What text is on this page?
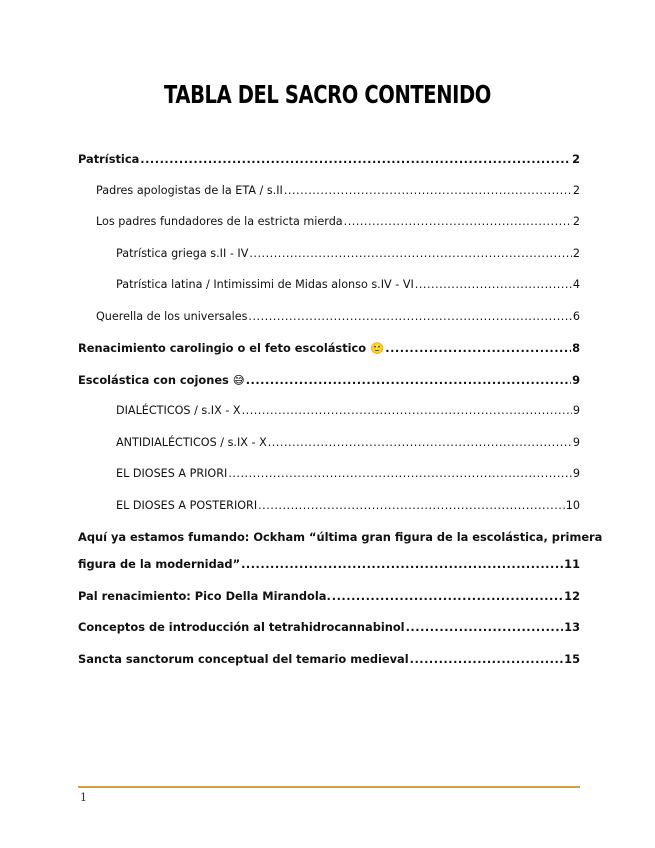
TABLA DEL SACRO CONTENIDO
Patrística .....	2
Padres apologistas de la ETA / s.II .....	2
Los padres fundadores de la estricta mierda .....	2
Patrística griega s.II - IV .....	2
Patrística latina / Intimissimi de Midas alonso s.IV - VI .....	4
Querella de los universales .....	6
Renacimiento carolingio o el feto escolástico 🙂 .....	8
Escolástica con cojones 😅 .....	9
DIALÉCTICOS / s.IX - X .....	9
ANTIDIALÉCTICOS / s.IX - X .....	9
EL DIOSES A PRIORI .....	9
EL DIOSES A POSTERIORI .....	10
Aquí ya estamos fumando: Ockham “última gran figura de la escolástica, primera
figura de la modernidad” .....	11
Pal renacimiento: Pico Della Mirandola. .....	12
Conceptos de introducción al tetrahidrocannabinol .....	13
Sancta sanctorum conceptual del temario medieval .....	15
1
